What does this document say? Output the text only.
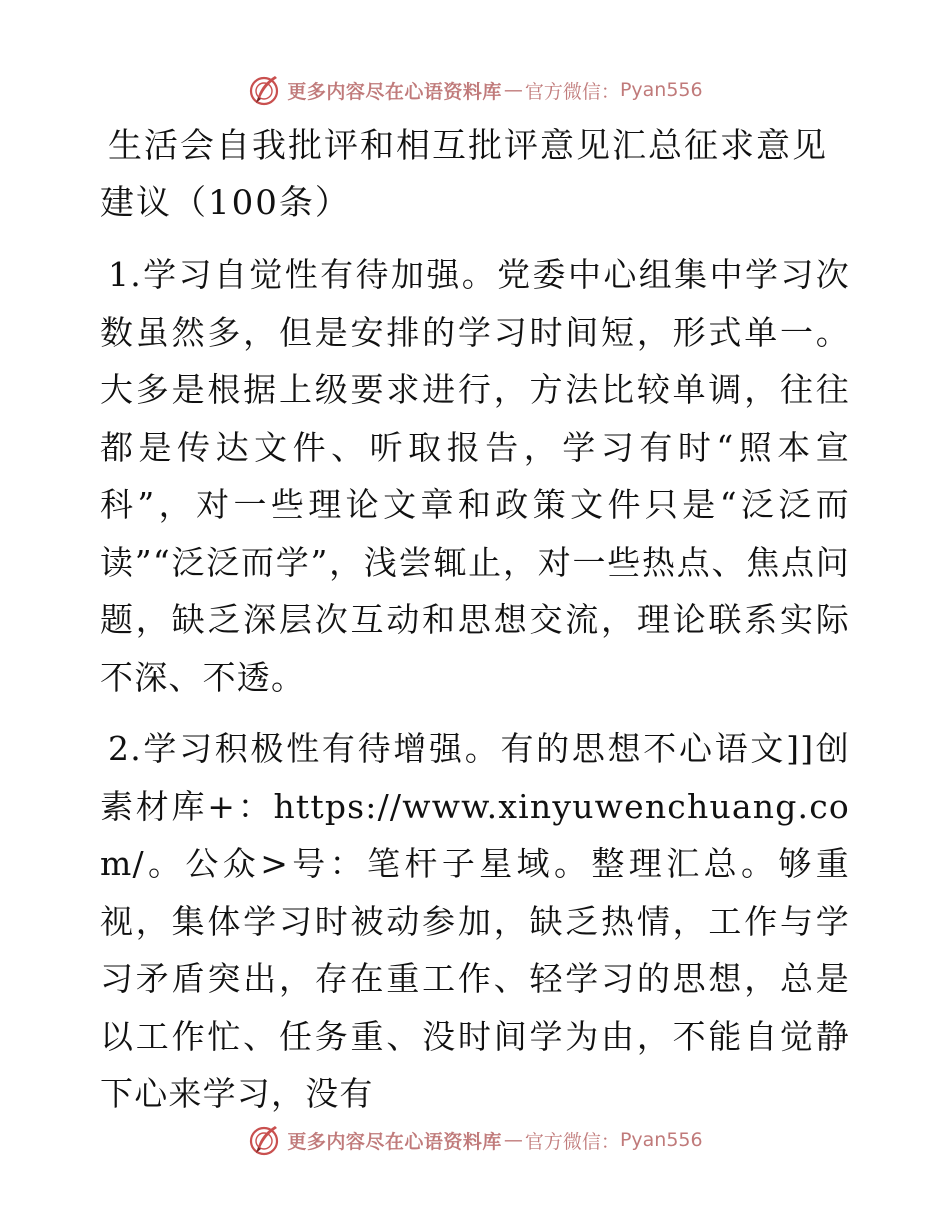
更多内容尽在心语资料库 — 官方微信： Pyan556
生活会自我批评和相互批评意见汇总征求意见建议（100条）

1.学习自觉性有待加强。党委中心组集中学习次数虽然多，但是安排的学习时间短，形式单一。大多是根据上级要求进行，方法比较单调，往往都是传达文件、听取报告，学习有时“照本宣科”，对一些理论文章和政策文件只是“泛泛而读”“泛泛而学”，浅尝辄止，对一些热点、焦点问题，缺乏深层次互动和思想交流，理论联系实际不深、不透。

2.学习积极性有待增强。有的思想不心语文]]创素材库+：https://www.xinyuwenchuang.com/。公众>号：笔杆子星域。整理汇总。够重视，集体学习时被动参加，缺乏热情，工作与学习矛盾突出，存在重工作、轻学习的思想，总是以工作忙、任务重、没时间学为由，不能自觉静下心来学习，没有

更多内容尽在心语资料库 — 官方微信： Pyan556
